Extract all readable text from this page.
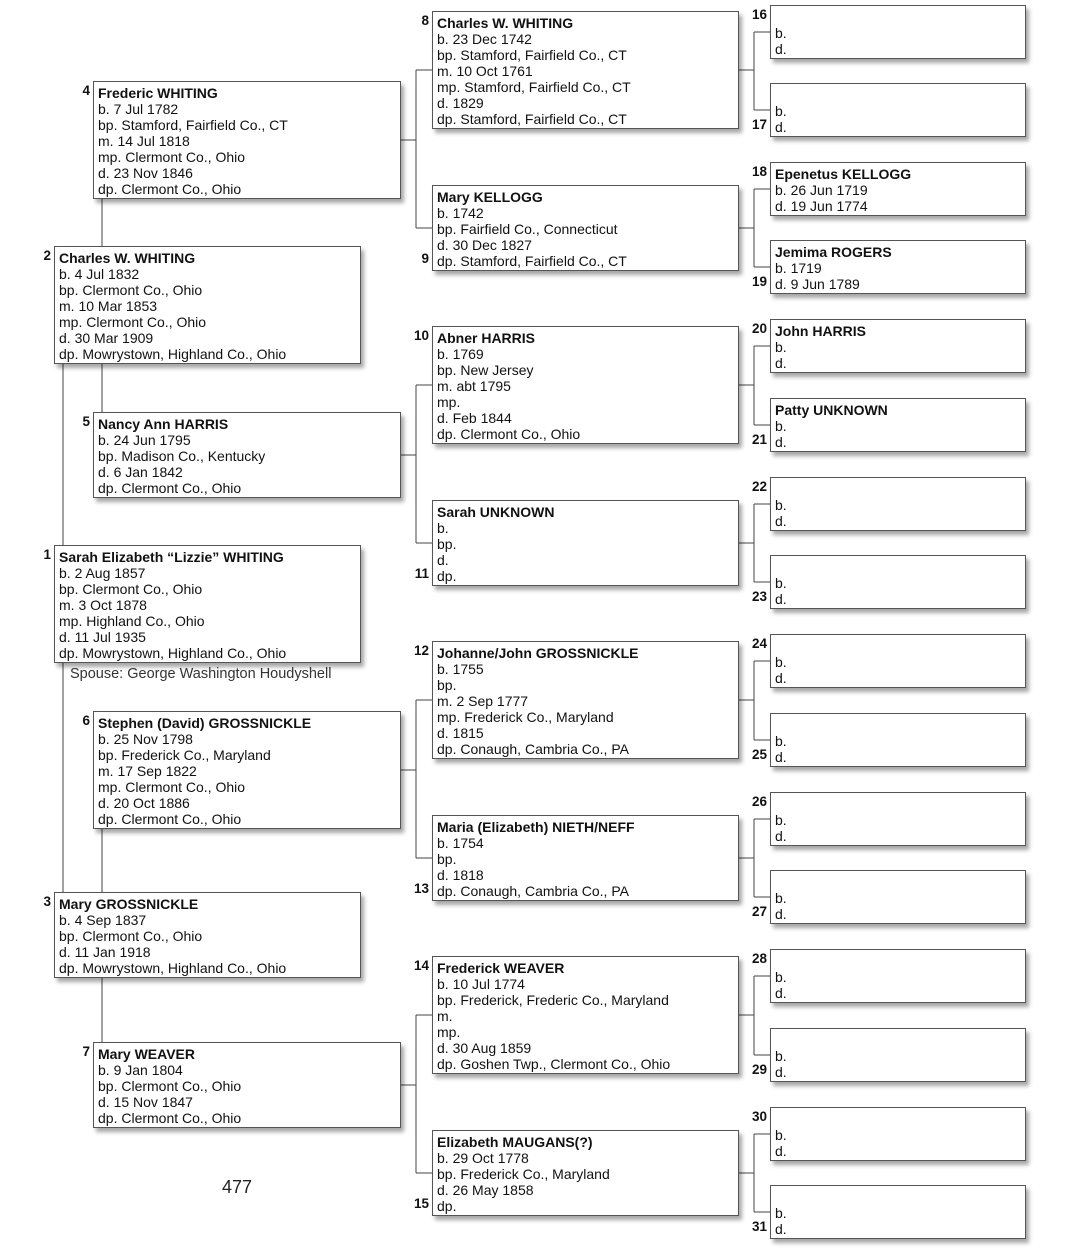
Sarah Elizabeth “Lizzie” WHITING
b. 2 Aug 1857
bp. Clermont Co., Ohio
m. 3 Oct 1878
mp. Highland Co., Ohio
d. 11 Jul 1935
dp. Mowrystown, Highland Co., Ohio
1
Charles W. WHITING
b. 4 Jul 1832
bp. Clermont Co., Ohio
m. 10 Mar 1853
mp. Clermont Co., Ohio
d. 30 Mar 1909
dp. Mowrystown, Highland Co., Ohio
2
Mary GROSSNICKLE
b. 4 Sep 1837
bp. Clermont Co., Ohio
d. 11 Jan 1918
dp. Mowrystown, Highland Co., Ohio
3
Frederic WHITING
b. 7 Jul 1782
bp. Stamford, Fairfield Co., CT
m. 14 Jul 1818
mp. Clermont Co., Ohio
d. 23 Nov 1846
dp. Clermont Co., Ohio
4
Nancy Ann HARRIS
b. 24 Jun 1795
bp. Madison Co., Kentucky
d. 6 Jan 1842
dp. Clermont Co., Ohio
5
Stephen (David) GROSSNICKLE
b. 25 Nov 1798
bp. Frederick Co., Maryland
m. 17 Sep 1822
mp. Clermont Co., Ohio
d. 20 Oct 1886
dp. Clermont Co., Ohio
6
Mary WEAVER
b. 9 Jan 1804
bp. Clermont Co., Ohio
d. 15 Nov 1847
dp. Clermont Co., Ohio
7
Charles W. WHITING
b. 23 Dec 1742
bp. Stamford, Fairfield Co., CT
m. 10 Oct 1761
mp. Stamford, Fairfield Co., CT
d. 1829
dp. Stamford, Fairfield Co., CT
8
Mary KELLOGG
b. 1742
bp. Fairfield Co., Connecticut
d. 30 Dec 1827
dp. Stamford, Fairfield Co., CT
9
Abner HARRIS
b. 1769
bp. New Jersey
m. abt 1795
mp.
d. Feb 1844
dp. Clermont Co., Ohio
10
Sarah UNKNOWN
b.
bp.
d.
dp.
11
Johanne/John GROSSNICKLE
b. 1755
bp.
m. 2 Sep 1777
mp. Frederick Co., Maryland
d. 1815
dp. Conaugh, Cambria Co., PA
12
Maria (Elizabeth) NIETH/NEFF
b. 1754
bp.
d. 1818
dp. Conaugh, Cambria Co., PA
13
Frederick WEAVER
b. 10 Jul 1774
bp. Frederick, Frederic Co., Maryland
m.
mp.
d. 30 Aug 1859
dp. Goshen Twp., Clermont Co., Ohio
14
Elizabeth MAUGANS(?)
b. 29 Oct 1778
bp. Frederick Co., Maryland
d. 26 May 1858
dp.
15
b.
d.
16
b.
d.
17
Epenetus KELLOGG
b. 26 Jun 1719
d. 19 Jun 1774
18
Jemima ROGERS
b. 1719
d. 9 Jun 1789
19
John HARRIS
b.
d.
20
Patty UNKNOWN
b.
d.
21
b.
d.
22
b.
d.
23
b.
d.
24
b.
d.
25
b.
d.
26
b.
d.
27
b.
d.
28
b.
d.
29
b.
d.
30
b.
d.
31
Spouse: George Washington Houdyshell
477
